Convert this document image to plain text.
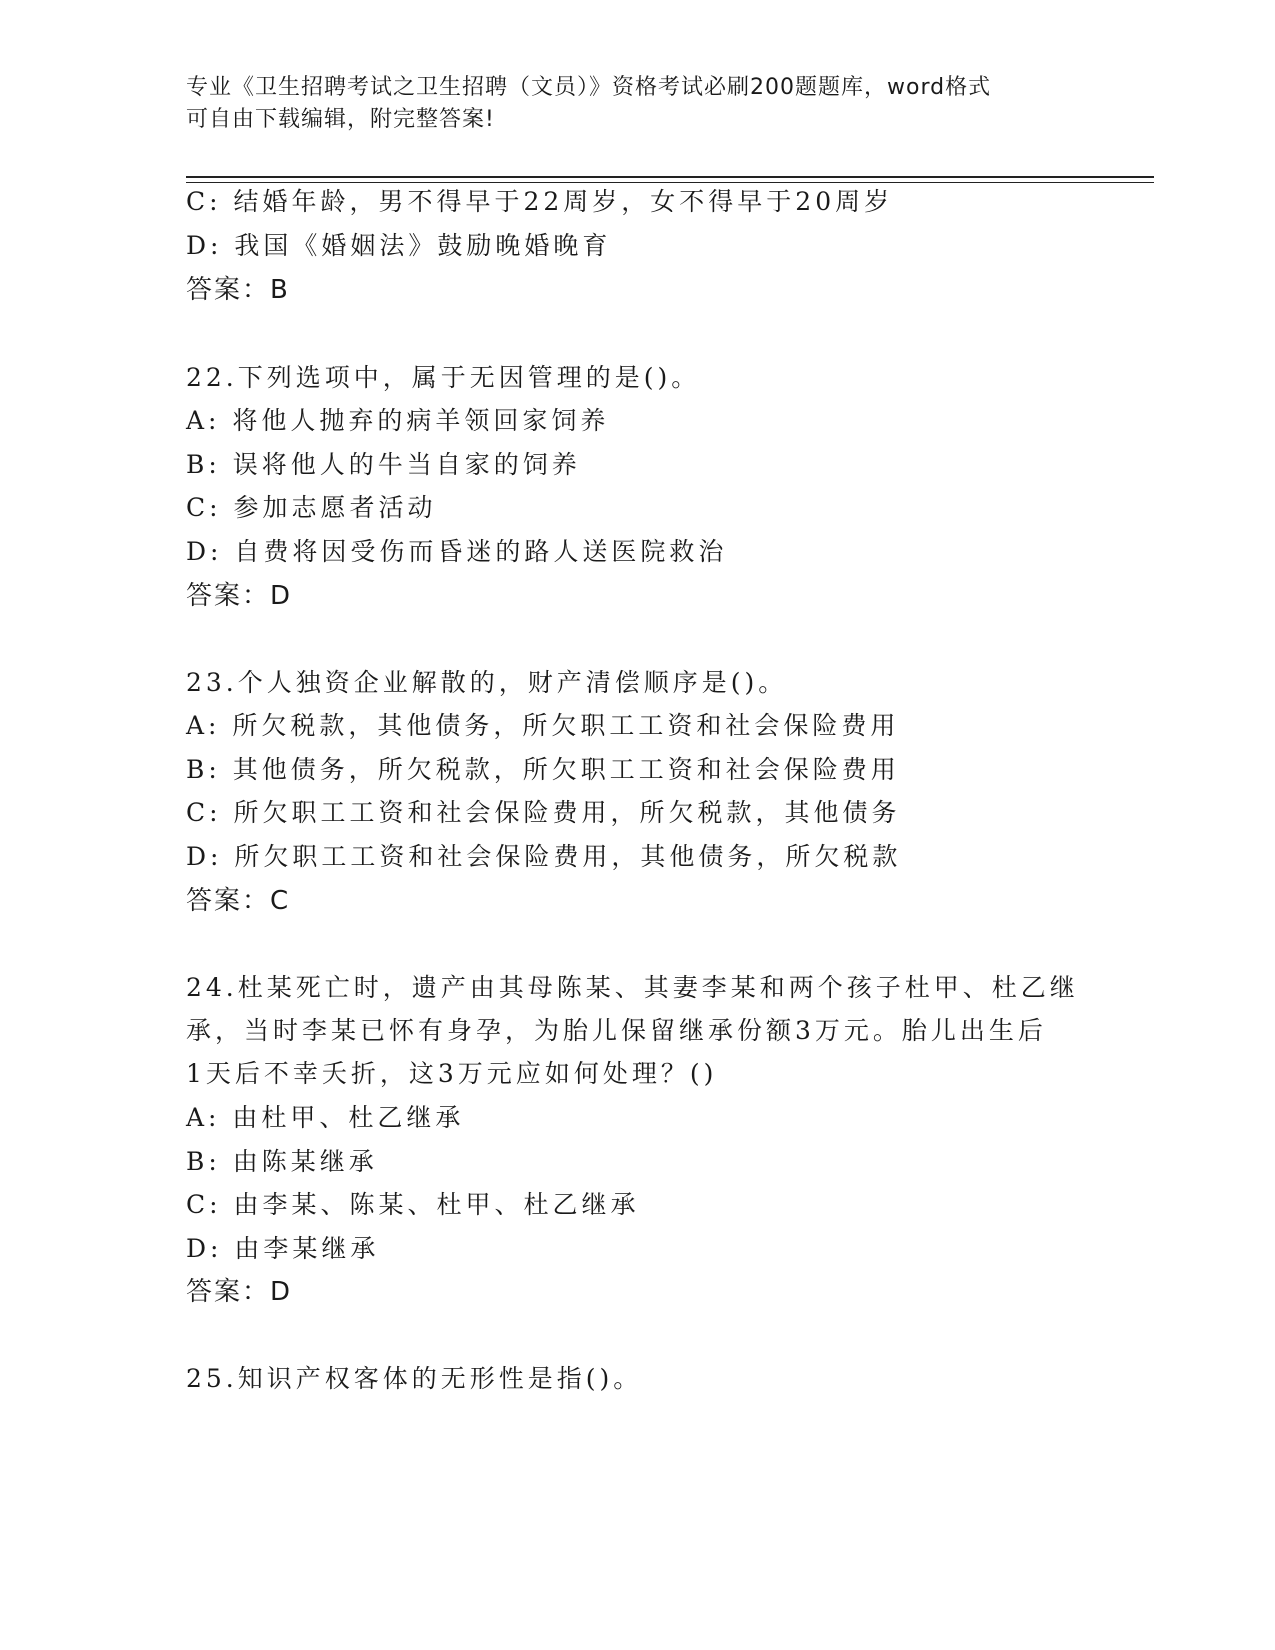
专业《卫生招聘考试之卫生招聘（文员）》资格考试必刷200题题库，word格式
可自由下载编辑，附完整答案!
C: 结婚年龄，男不得早于22周岁，女不得早于20周岁
D: 我国《婚姻法》鼓励晚婚晚育
答案：B
22.下列选项中，属于无因管理的是()。
A: 将他人抛弃的病羊领回家饲养
B: 误将他人的牛当自家的饲养
C: 参加志愿者活动
D: 自费将因受伤而昏迷的路人送医院救治
答案：D
23.个人独资企业解散的，财产清偿顺序是()。
A: 所欠税款，其他债务，所欠职工工资和社会保险费用
B: 其他债务，所欠税款，所欠职工工资和社会保险费用
C: 所欠职工工资和社会保险费用，所欠税款，其他债务
D: 所欠职工工资和社会保险费用，其他债务，所欠税款
答案：C
24.杜某死亡时，遗产由其母陈某、其妻李某和两个孩子杜甲、杜乙继
承，当时李某已怀有身孕，为胎儿保留继承份额3万元。胎儿出生后
1天后不幸夭折，这3万元应如何处理？()
A: 由杜甲、杜乙继承
B: 由陈某继承
C: 由李某、陈某、杜甲、杜乙继承
D: 由李某继承
答案：D
25.知识产权客体的无形性是指()。
